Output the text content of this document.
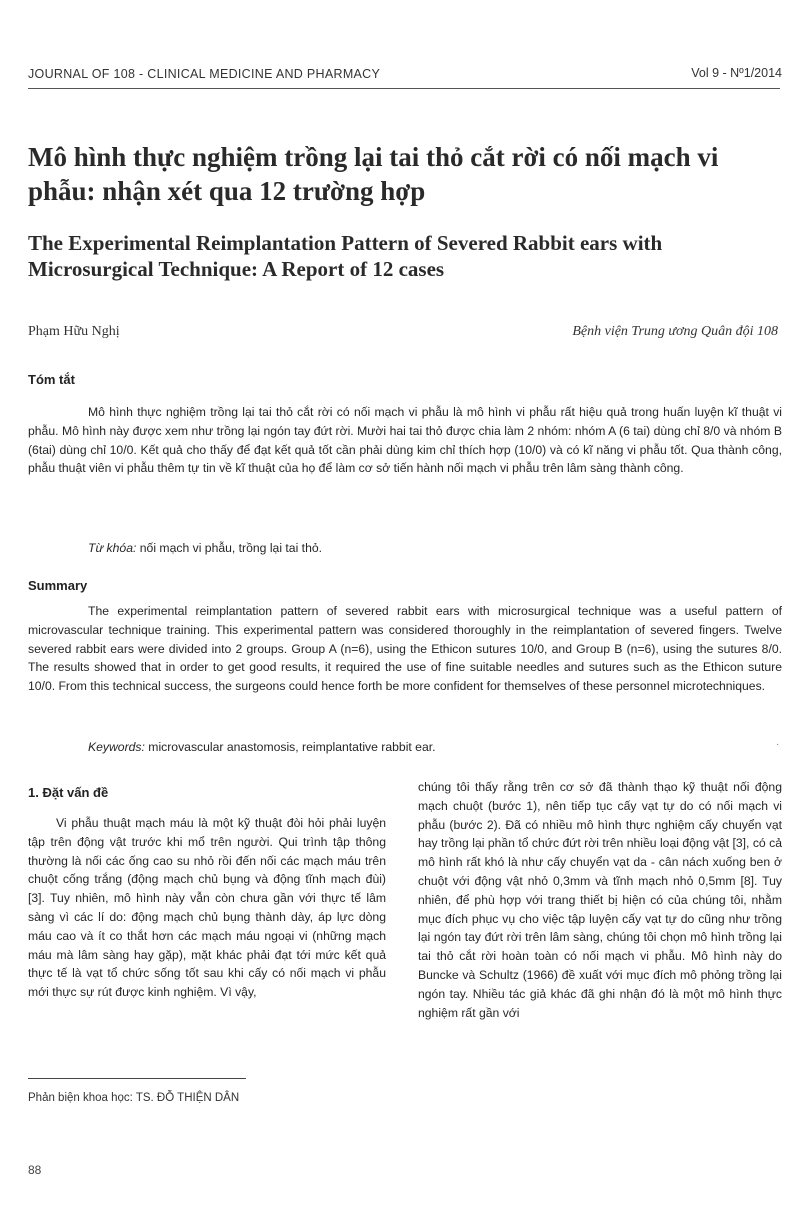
JOURNAL OF 108 - CLINICAL MEDICINE AND PHARMACY	Vol 9 - Nº1/2014
Mô hình thực nghiệm trồng lại tai thỏ cắt rời có nối mạch vi phẫu: nhận xét qua 12 trường hợp
The Experimental Reimplantation Pattern of Severed Rabbit ears with Microsurgical Technique: A Report of 12 cases
Phạm Hữu Nghị	Bệnh viện Trung ương Quân đội 108
Tóm tắt
Mô hình thực nghiệm trồng lại tai thỏ cắt rời có nối mạch vi phẫu là mô hình vi phẫu rất hiệu quả trong huấn luyện kĩ thuật vi phẫu. Mô hình này được xem như trồng lại ngón tay đứt rời. Mười hai tai thỏ được chia làm 2 nhóm: nhóm A (6 tai) dùng chỉ 8/0 và nhóm B (6tai) dùng chỉ 10/0. Kết quả cho thấy để đạt kết quả tốt cần phải dùng kim chỉ thích hợp (10/0) và có kĩ năng vi phẫu tốt. Qua thành công, phẫu thuật viên vi phẫu thêm tự tin về kĩ thuật của họ để làm cơ sở tiến hành nối mạch vi phẫu trên lâm sàng thành công.
Từ khóa: nối mạch vi phẫu, trồng lại tai thỏ.
Summary
The experimental reimplantation pattern of severed rabbit ears with microsurgical technique was a useful pattern of microvascular technique training. This experimental pattern was considered thoroughly in the reimplantation of severed fingers. Twelve severed rabbit ears were divided into 2 groups. Group A (n=6), using the Ethicon sutures 10/0, and Group B (n=6), using the sutures 8/0. The results showed that in order to get good results, it required the use of fine suitable needles and sutures such as the Ethicon suture 10/0. From this technical success, the surgeons could hence forth be more confident for themselves of these personnel microtechniques.
Keywords: microvascular anastomosis, reimplantative rabbit ear.	·
1. Đặt vấn đề
Vi phẫu thuật mạch máu là một kỹ thuật đòi hỏi phải luyện tập trên động vật trước khi mổ trên người. Qui trình tập thông thường là nối các ống cao su nhỏ rồi đến nối các mạch máu trên chuột cống trắng (động mạch chủ bụng và động tĩnh mạch đùi) [3]. Tuy nhiên, mô hình này vẫn còn chưa gần với thực tế lâm sàng vì các lí do: động mạch chủ bụng thành dày, áp lực dòng máu cao và ít co thắt hơn các mạch máu ngoại vi (những mạch máu mà lâm sàng hay gặp), mặt khác phải đạt tới mức kết quả thực tế là vạt tổ chức sống tốt sau khi cấy có nối mạch vi phẫu mới thực sự rút được kinh nghiệm. Vì vậy,
chúng tôi thấy rằng trên cơ sở đã thành thạo kỹ thuật nối động mạch chuột (bước 1), nên tiếp tục cấy vạt tự do có nối mạch vi phẫu (bước 2). Đã có nhiều mô hình thực nghiệm cấy chuyển vạt hay trồng lại phần tổ chức đứt rời trên nhiều loại động vật [3], có cả mô hình rất khó là như cấy chuyển vạt da - cân nách xuống ben ở chuột với động vật nhỏ 0,3mm và tĩnh mạch nhỏ 0,5mm [8]. Tuy nhiên, để phù hợp với trang thiết bị hiện có của chúng tôi, nhằm mục đích phục vụ cho việc tập luyện cấy vạt tự do cũng như trồng lại ngón tay đứt rời trên lâm sàng, chúng tôi chọn mô hình trồng lại tai thỏ cắt rời hoàn toàn có nối mạch vi phẫu. Mô hình này do Buncke và Schultz (1966) đề xuất với mục đích mô phỏng trồng lại ngón tay. Nhiều tác giả khác đã ghi nhận đó là một mô hình thực nghiệm rất gần với
Phản biện khoa học: TS. ĐỖ THIỆN DÂN
88
